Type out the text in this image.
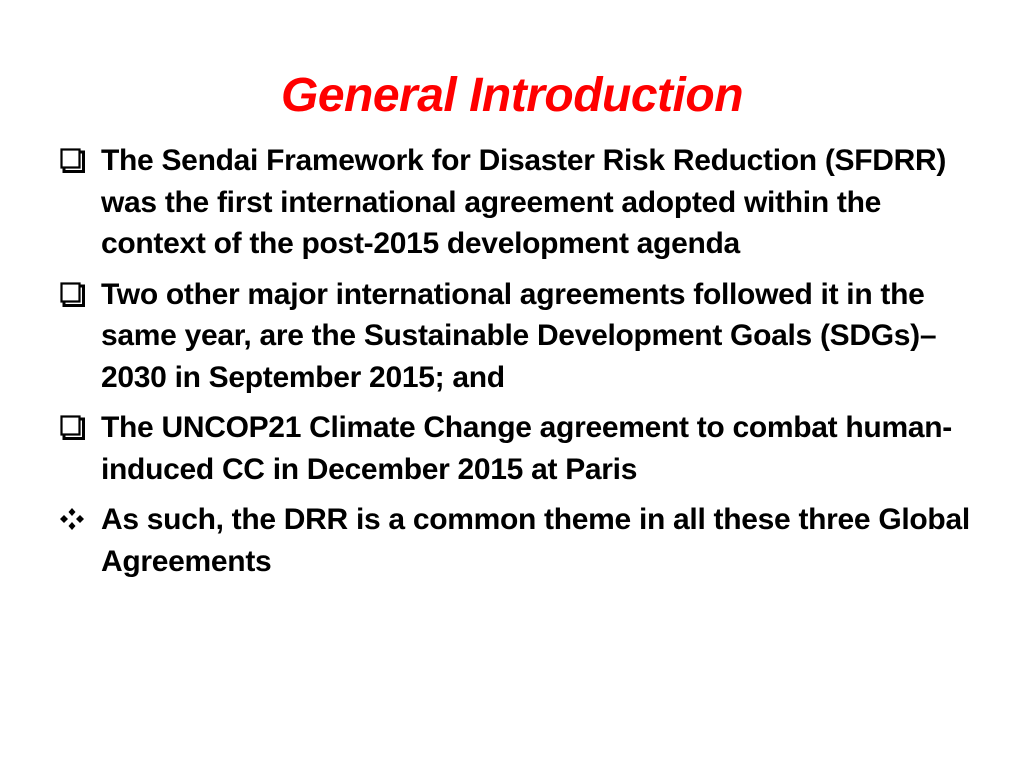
General Introduction
The Sendai Framework for Disaster Risk Reduction (SFDRR) was the first international agreement adopted within the context of the post-2015 development agenda
Two other major international agreements followed it in the same year, are the Sustainable Development Goals (SDGs)– 2030 in September 2015; and
The UNCOP21 Climate Change agreement to combat human-induced CC in December 2015 at Paris
As such, the DRR is a common theme in all these three Global Agreements
